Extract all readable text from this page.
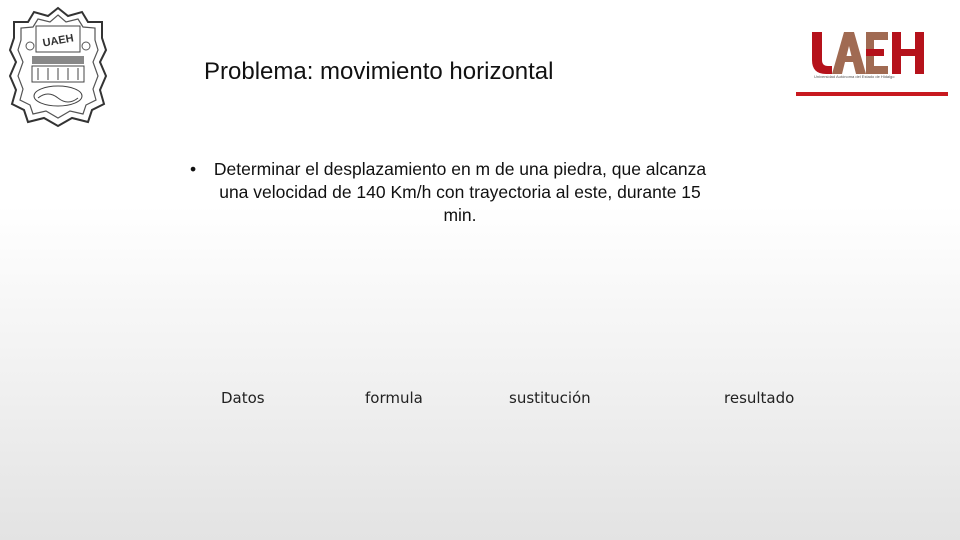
UAEH
Universidad Autónoma del Estado de Hidalgo
Problema: movimiento horizontal
•	Determinar el desplazamiento en m de una piedra, que alcanza una velocidad de 140 Km/h con trayectoria al este, durante 15 min.
Datos	formula	sustitución	resultado
